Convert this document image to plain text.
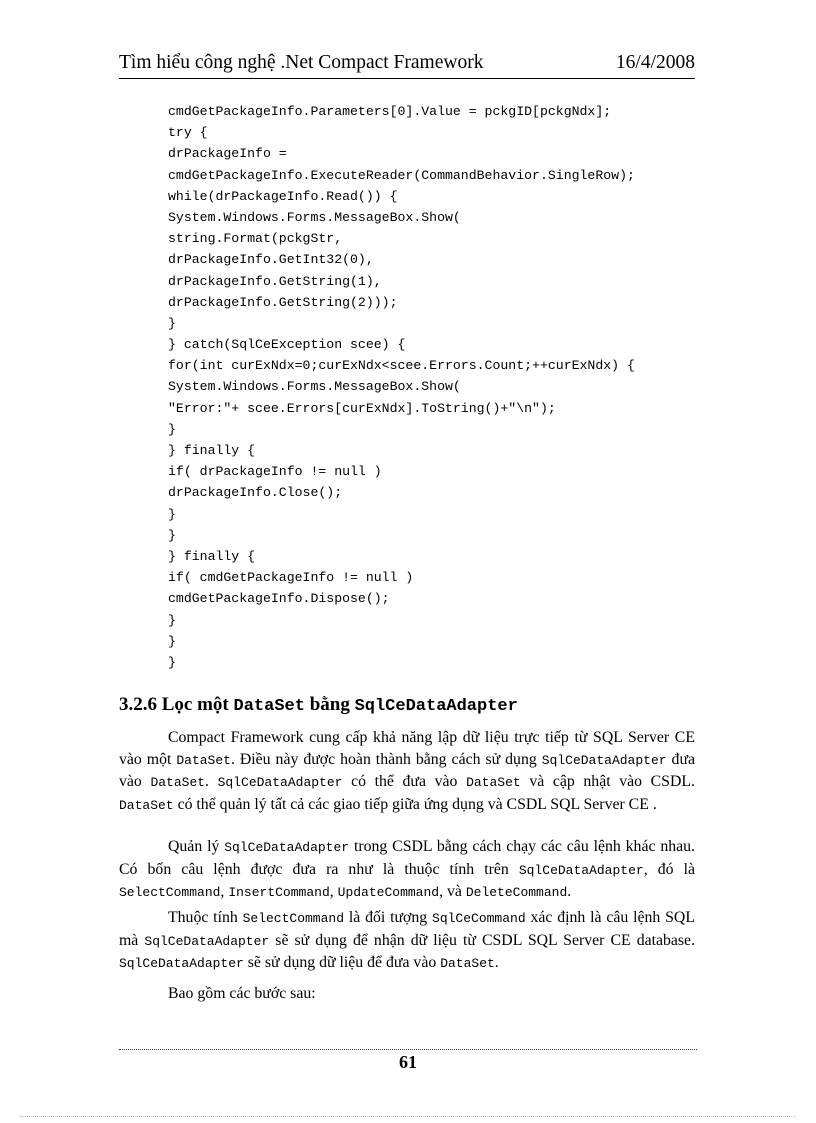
Tìm hiểu công nghệ .Net Compact Framework	16/4/2008
cmdGetPackageInfo.Parameters[0].Value = pckgID[pckgNdx];
try {
drPackageInfo =
cmdGetPackageInfo.ExecuteReader(CommandBehavior.SingleRow);
while(drPackageInfo.Read()) {
System.Windows.Forms.MessageBox.Show(
string.Format(pckgStr,
drPackageInfo.GetInt32(0),
drPackageInfo.GetString(1),
drPackageInfo.GetString(2)));
}
} catch(SqlCeException scee) {
for(int curExNdx=0;curExNdx<scee.Errors.Count;++curExNdx) {
System.Windows.Forms.MessageBox.Show(
"Error:"+ scee.Errors[curExNdx].ToString()+"\n");
}
} finally {
if( drPackageInfo != null )
drPackageInfo.Close();
}
}
} finally {
if( cmdGetPackageInfo != null )
cmdGetPackageInfo.Dispose();
}
}
}
3.2.6 Lọc một DataSet bằng SqlCeDataAdapter
Compact Framework cung cấp khả năng lập dữ liệu trực tiếp từ SQL Server CE vào một DataSet. Điều này được hoàn thành bằng cách sử dụng SqlCeDataAdapter đưa vào DataSet. SqlCeDataAdapter có thể đưa vào DataSet và cập nhật vào CSDL. DataSet có thể quản lý tất cả các giao tiếp giữa ứng dụng và CSDL SQL Server CE .
Quản lý SqlCeDataAdapter trong CSDL bằng cách chạy các câu lệnh khác nhau. Có bốn câu lệnh được đưa ra như là thuộc tính trên SqlCeDataAdapter, đó là SelectCommand, InsertCommand, UpdateCommand, và DeleteCommand.
Thuộc tính SelectCommand là đối tượng SqlCeCommand xác định là câu lệnh SQL mà SqlCeDataAdapter sẽ sử dụng để nhận dữ liệu từ CSDL SQL Server CE database. SqlCeDataAdapter sẽ sử dụng dữ liệu để đưa vào DataSet.
Bao gồm các bước sau:
61
